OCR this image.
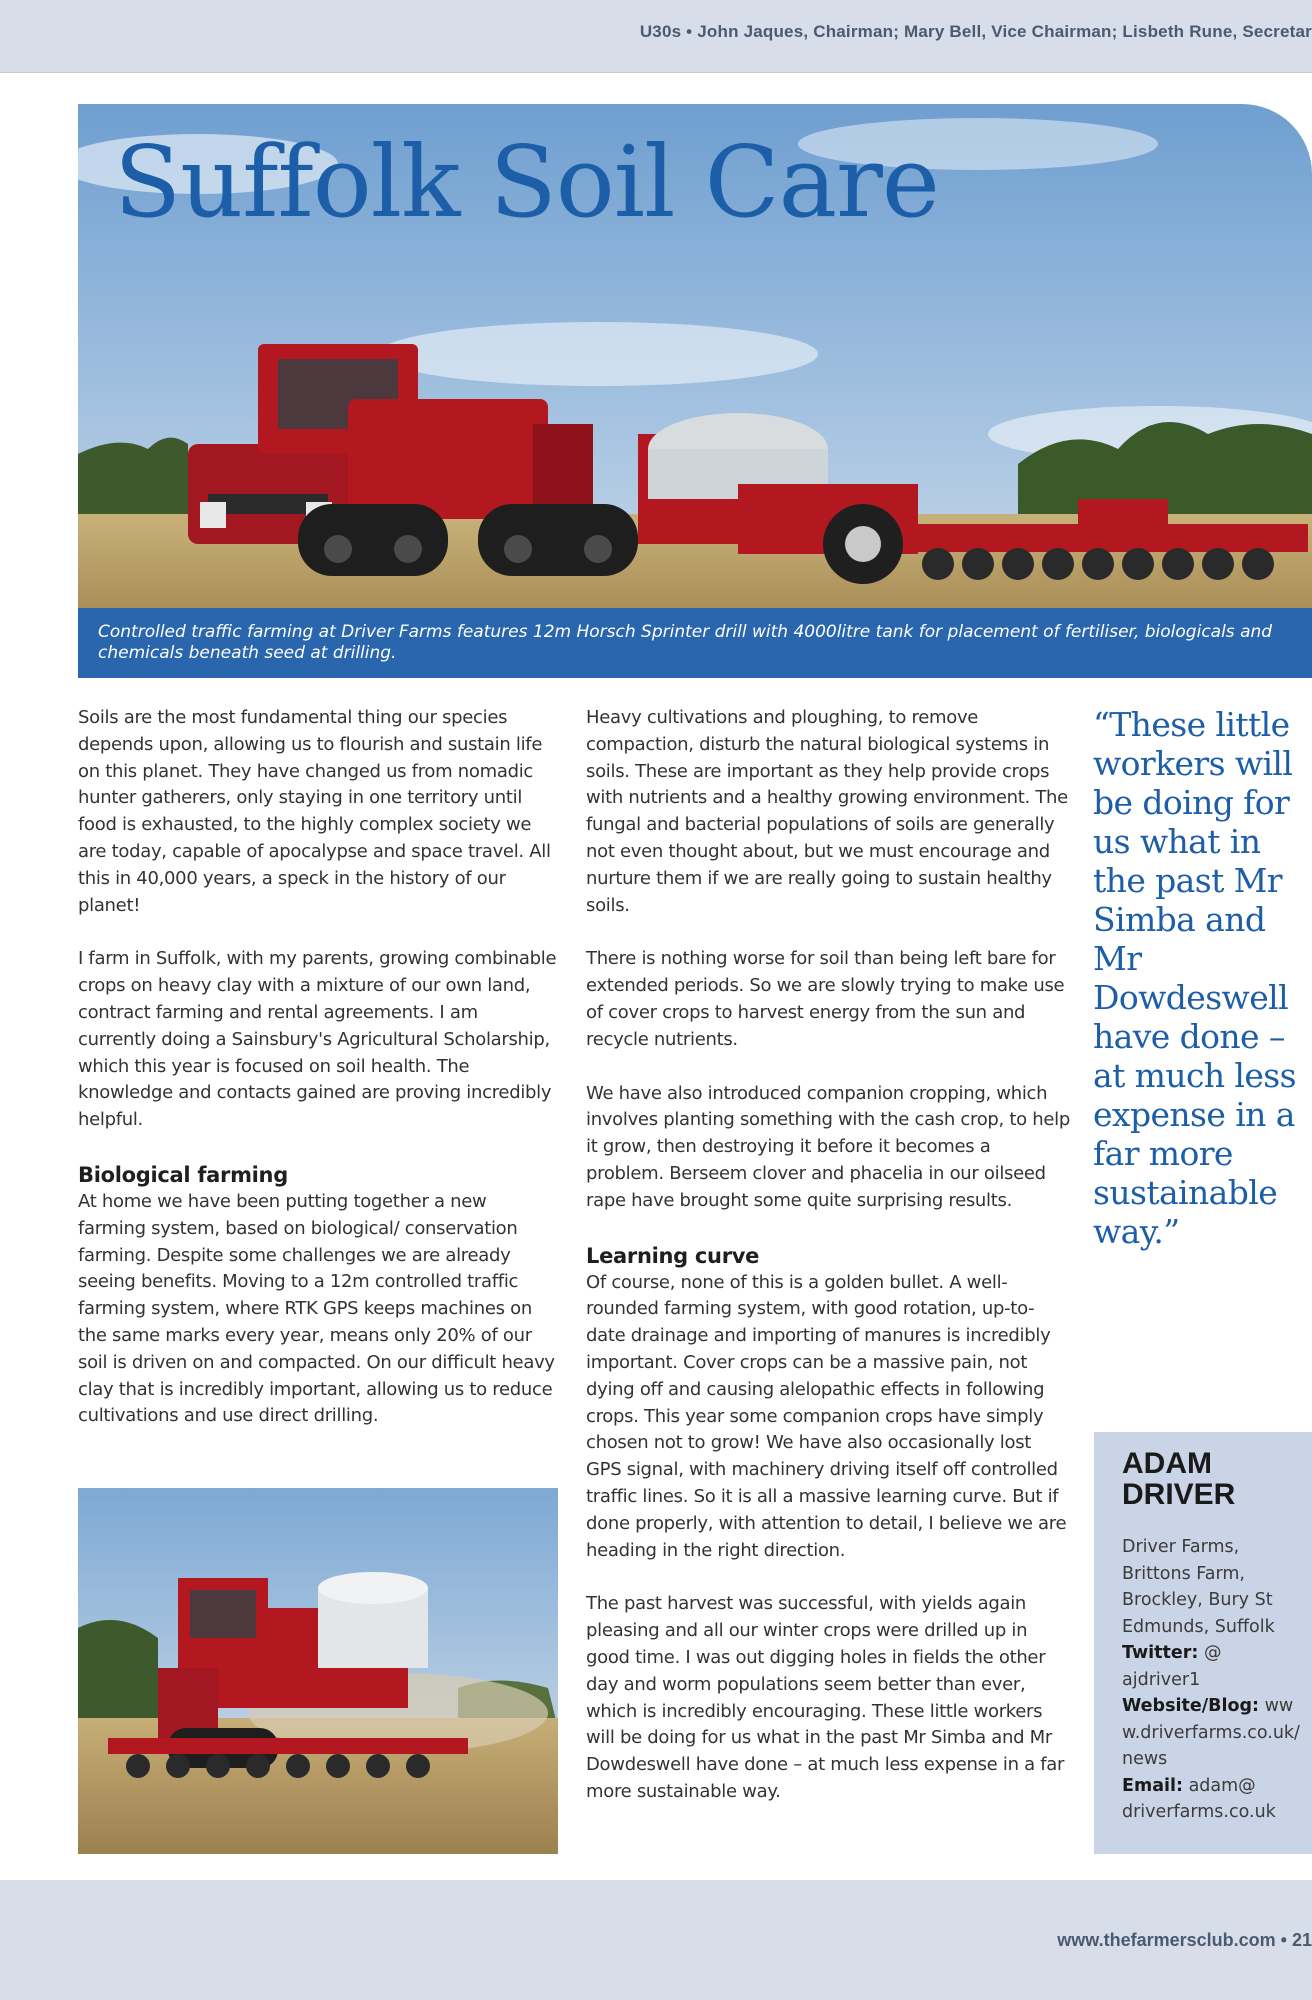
U30s • John Jaques, Chairman; Mary Bell, Vice Chairman; Lisbeth Rune, Secretar
Suffolk Soil Care
Controlled traffic farming at Driver Farms features 12m Horsch Sprinter drill with 4000litre tank for placement of fertiliser, biologicals and chemicals beneath seed at drilling.

Soils are the most fundamental thing our species depends upon, allowing us to flourish and sustain life on this planet. They have changed us from nomadic hunter gatherers, only staying in one territory until food is exhausted, to the highly complex society we are today, capable of apocalypse and space travel. All this in 40,000 years, a speck in the history of our planet!

I farm in Suffolk, with my parents, growing combinable crops on heavy clay with a mixture of our own land, contract farming and rental agreements. I am currently doing a Sainsbury's Agricultural Scholarship, which this year is focused on soil health. The knowledge and contacts gained are proving incredibly helpful.

Biological farming

At home we have been putting together a new farming system, based on biological/ conservation farming. Despite some challenges we are already seeing benefits. Moving to a 12m controlled traffic farming system, where RTK GPS keeps machines on the same marks every year, means only 20% of our soil is driven on and compacted. On our difficult heavy clay that is incredibly important, allowing us to reduce cultivations and use direct drilling.

Heavy cultivations and ploughing, to remove compaction, disturb the natural biological systems in soils. These are important as they help provide crops with nutrients and a healthy growing environment. The fungal and bacterial populations of soils are generally not even thought about, but we must encourage and nurture them if we are really going to sustain healthy soils.

There is nothing worse for soil than being left bare for extended periods. So we are slowly trying to make use of cover crops to harvest energy from the sun and recycle nutrients.

We have also introduced companion cropping, which involves planting something with the cash crop, to help it grow, then destroying it before it becomes a problem. Berseem clover and phacelia in our oilseed rape have brought some quite surprising results.

Learning curve

Of course, none of this is a golden bullet. A well-rounded farming system, with good rotation, up-to-date drainage and importing of manures is incredibly important. Cover crops can be a massive pain, not dying off and causing alelopathic effects in following crops. This year some companion crops have simply chosen not to grow! We have also occasionally lost GPS signal, with machinery driving itself off controlled traffic lines. So it is all a massive learning curve. But if done properly, with attention to detail, I believe we are heading in the right direction.

The past harvest was successful, with yields again pleasing and all our winter crops were drilled up in good time. I was out digging holes in fields the other day and worm populations seem better than ever, which is incredibly encouraging. These little workers will be doing for us what in the past Mr Simba and Mr Dowdeswell have done – at much less expense in a far more sustainable way.

“These little workers will be doing for us what in the past Mr Simba and Mr Dowdeswell have done – at much less expense in a far more sustainable way.”

ADAM
DRIVER
Driver Farms, Brittons Farm, Brockley, Bury St Edmunds, Suffolk
Twitter: @ ajdriver1
Website/Blog: www.driverfarms.co.uk/news
Email: adam@ driverfarms.co.uk
www.thefarmersclub.com • 21
